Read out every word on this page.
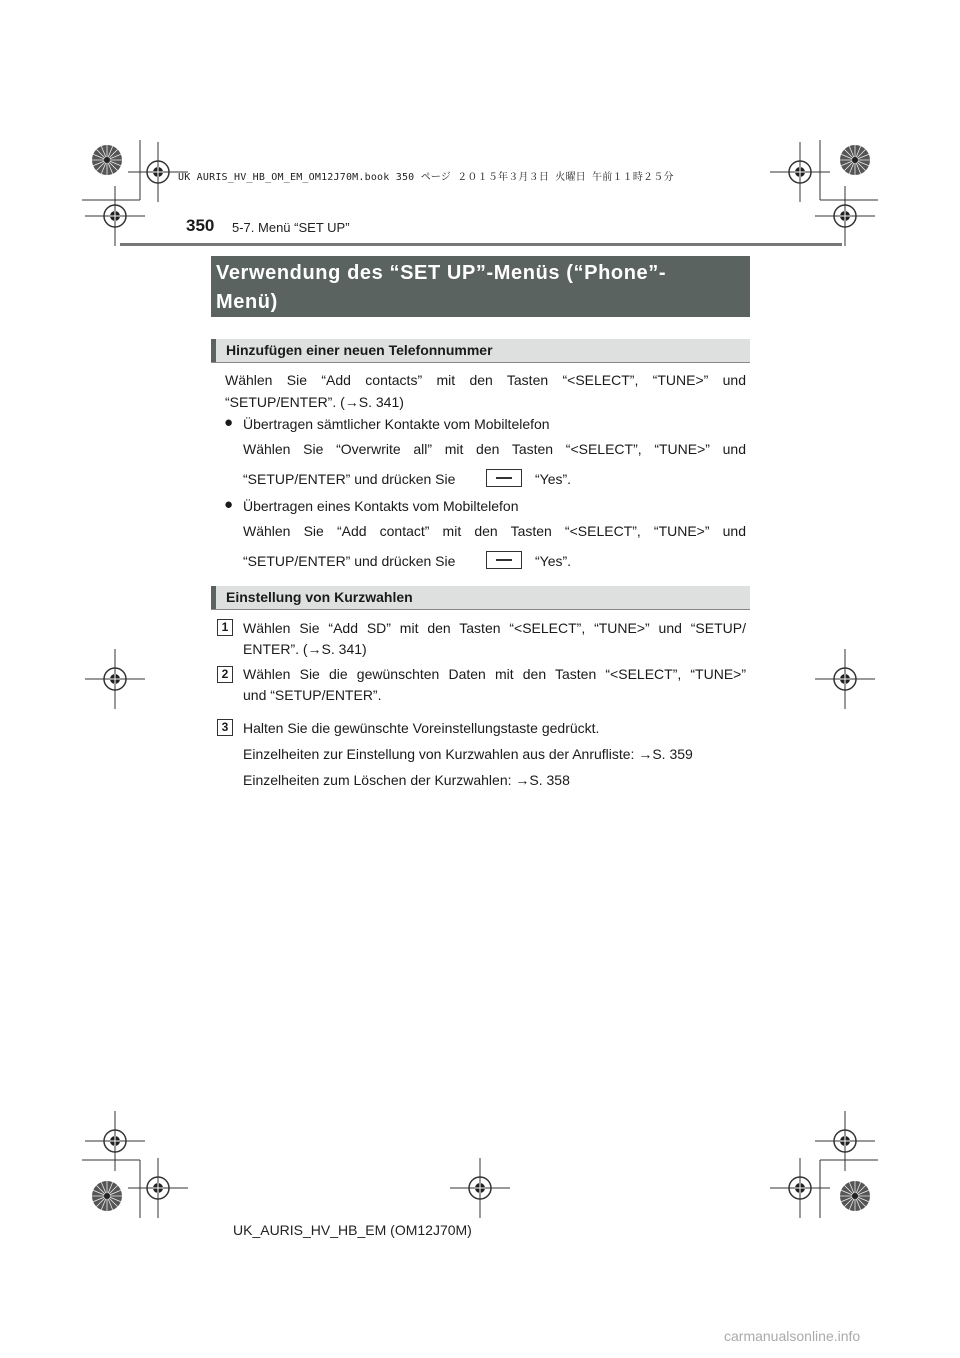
UK AURIS_HV_HB_OM_EM_OM12J70M.book 350 ページ ２０１５年３月３日 火曜日 午前１１時２５分
350 5-7. Menü “SET UP”
Verwendung des “SET UP”-Menüs (“Phone”-
Menü)
Hinzufügen einer neuen Telefonnummer
Wählen Sie “Add contacts” mit den Tasten “<SELECT”, “TUNE>” und
“SETUP/ENTER”. (→S. 341)
● Übertragen sämtlicher Kontakte vom Mobiltelefon
Wählen Sie “Overwrite all” mit den Tasten “<SELECT”, “TUNE>” und
“SETUP/ENTER” und drücken Sie	“Yes”.
● Übertragen eines Kontakts vom Mobiltelefon
Wählen Sie “Add contact” mit den Tasten “<SELECT”, “TUNE>” und
“SETUP/ENTER” und drücken Sie	“Yes”.
Einstellung von Kurzwahlen
1	Wählen Sie “Add SD” mit den Tasten “<SELECT”, “TUNE>” und “SETUP/
ENTER”. (→S. 341)
2	Wählen Sie die gewünschten Daten mit den Tasten “<SELECT”, “TUNE>”
und “SETUP/ENTER”.
3	Halten Sie die gewünschte Voreinstellungstaste gedrückt.
Einzelheiten zur Einstellung von Kurzwahlen aus der Anrufliste: →S. 359
Einzelheiten zum Löschen der Kurzwahlen: →S. 358
UK_AURIS_HV_HB_EM (OM12J70M)
carmanualsonline.info
